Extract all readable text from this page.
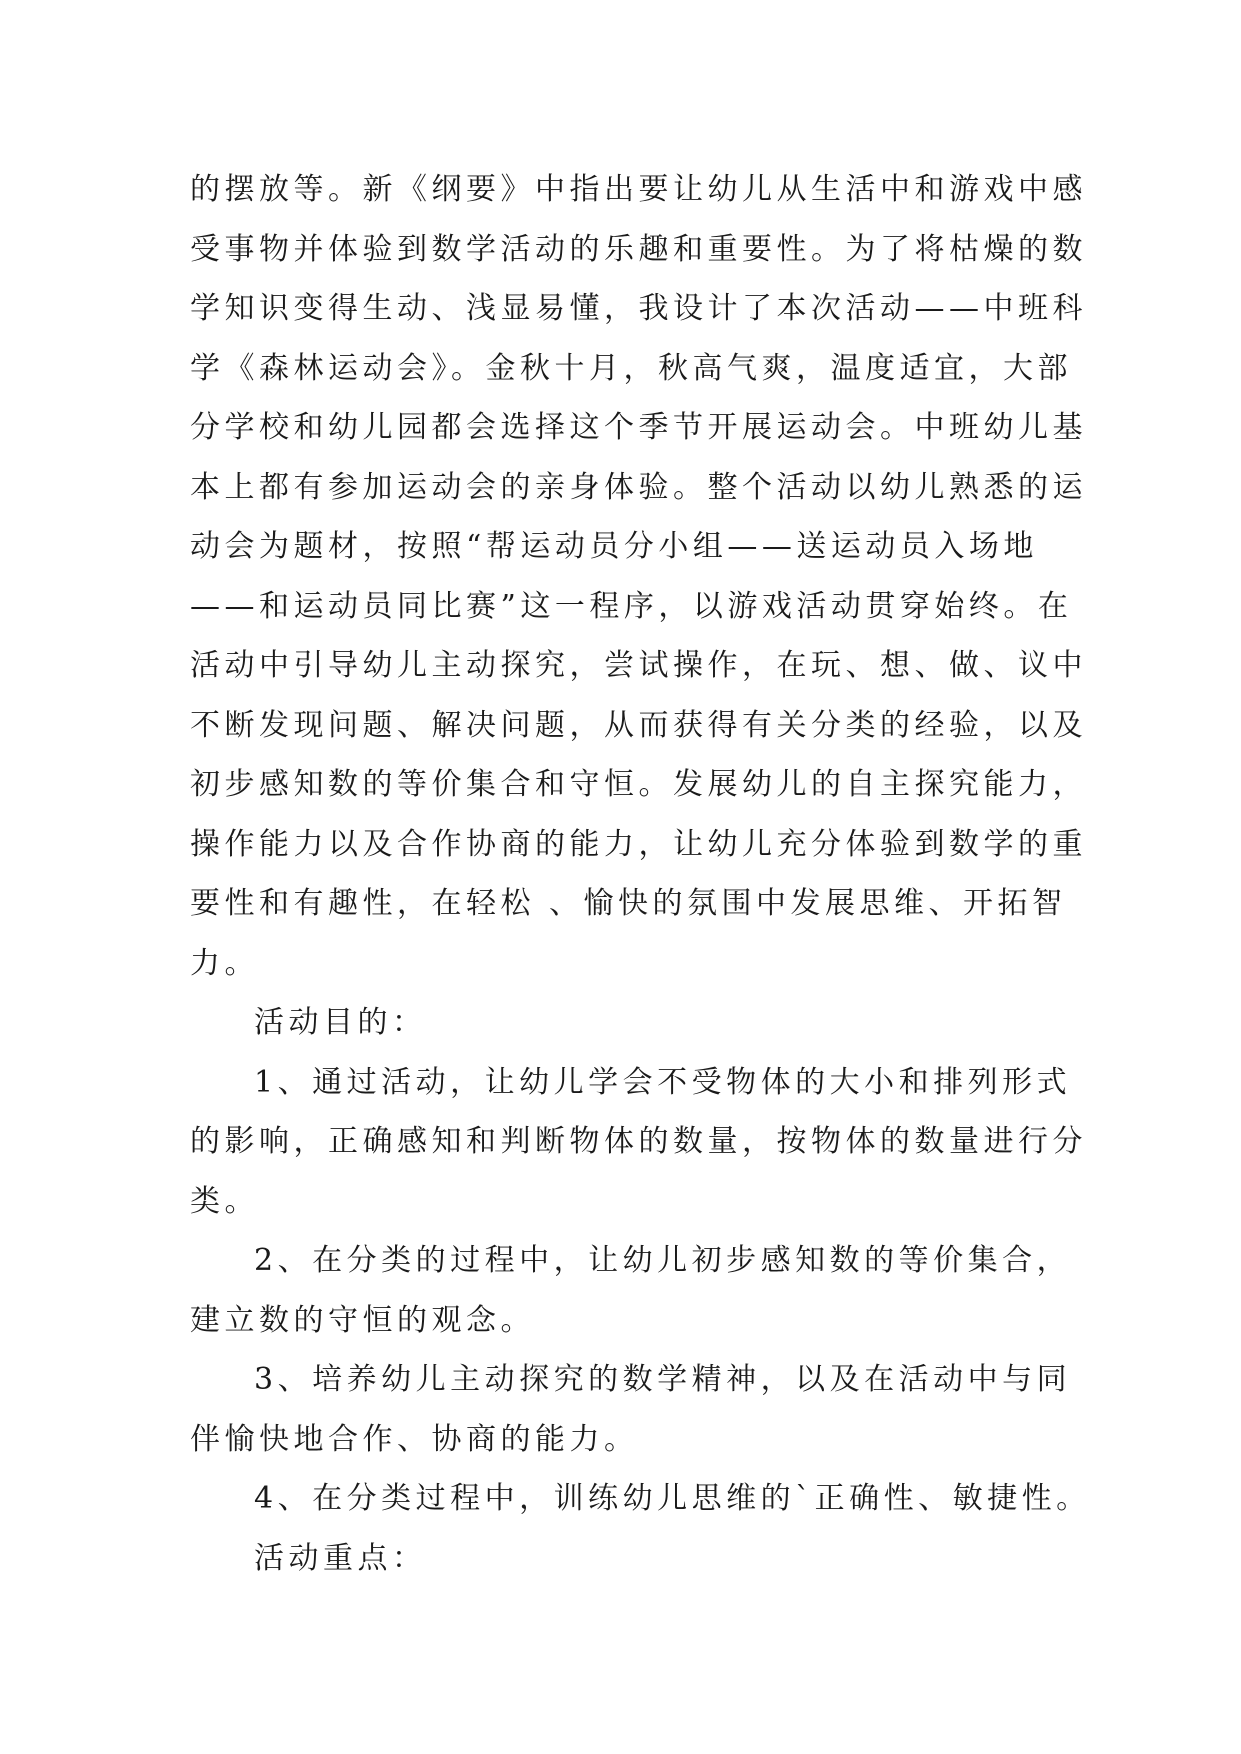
的摆放等。新《纲要》中指出要让幼儿从生活中和游戏中感
受事物并体验到数学活动的乐趣和重要性。为了将枯燥的数
学知识变得生动、浅显易懂，我设计了本次活动——中班科
学《森林运动会》。金秋十月，秋高气爽，温度适宜，大部
分学校和幼儿园都会选择这个季节开展运动会。中班幼儿基
本上都有参加运动会的亲身体验。整个活动以幼儿熟悉的运
动会为题材，按照“帮运动员分小组——送运动员入场地
——和运动员同比赛”这一程序，以游戏活动贯穿始终。在
活动中引导幼儿主动探究，尝试操作，在玩、想、做、议中
不断发现问题、解决问题，从而获得有关分类的经验，以及
初步感知数的等价集合和守恒。发展幼儿的自主探究能力，
操作能力以及合作协商的能力，让幼儿充分体验到数学的重
要性和有趣性，在轻松 、愉快的氛围中发展思维、开拓智
力。
活动目的：
1、通过活动，让幼儿学会不受物体的大小和排列形式
的影响，正确感知和判断物体的数量，按物体的数量进行分
类。
2、在分类的过程中，让幼儿初步感知数的等价集合，
建立数的守恒的观念。
3、培养幼儿主动探究的数学精神，以及在活动中与同
伴愉快地合作、协商的能力。
4、在分类过程中，训练幼儿思维的`正确性、敏捷性。
活动重点：
